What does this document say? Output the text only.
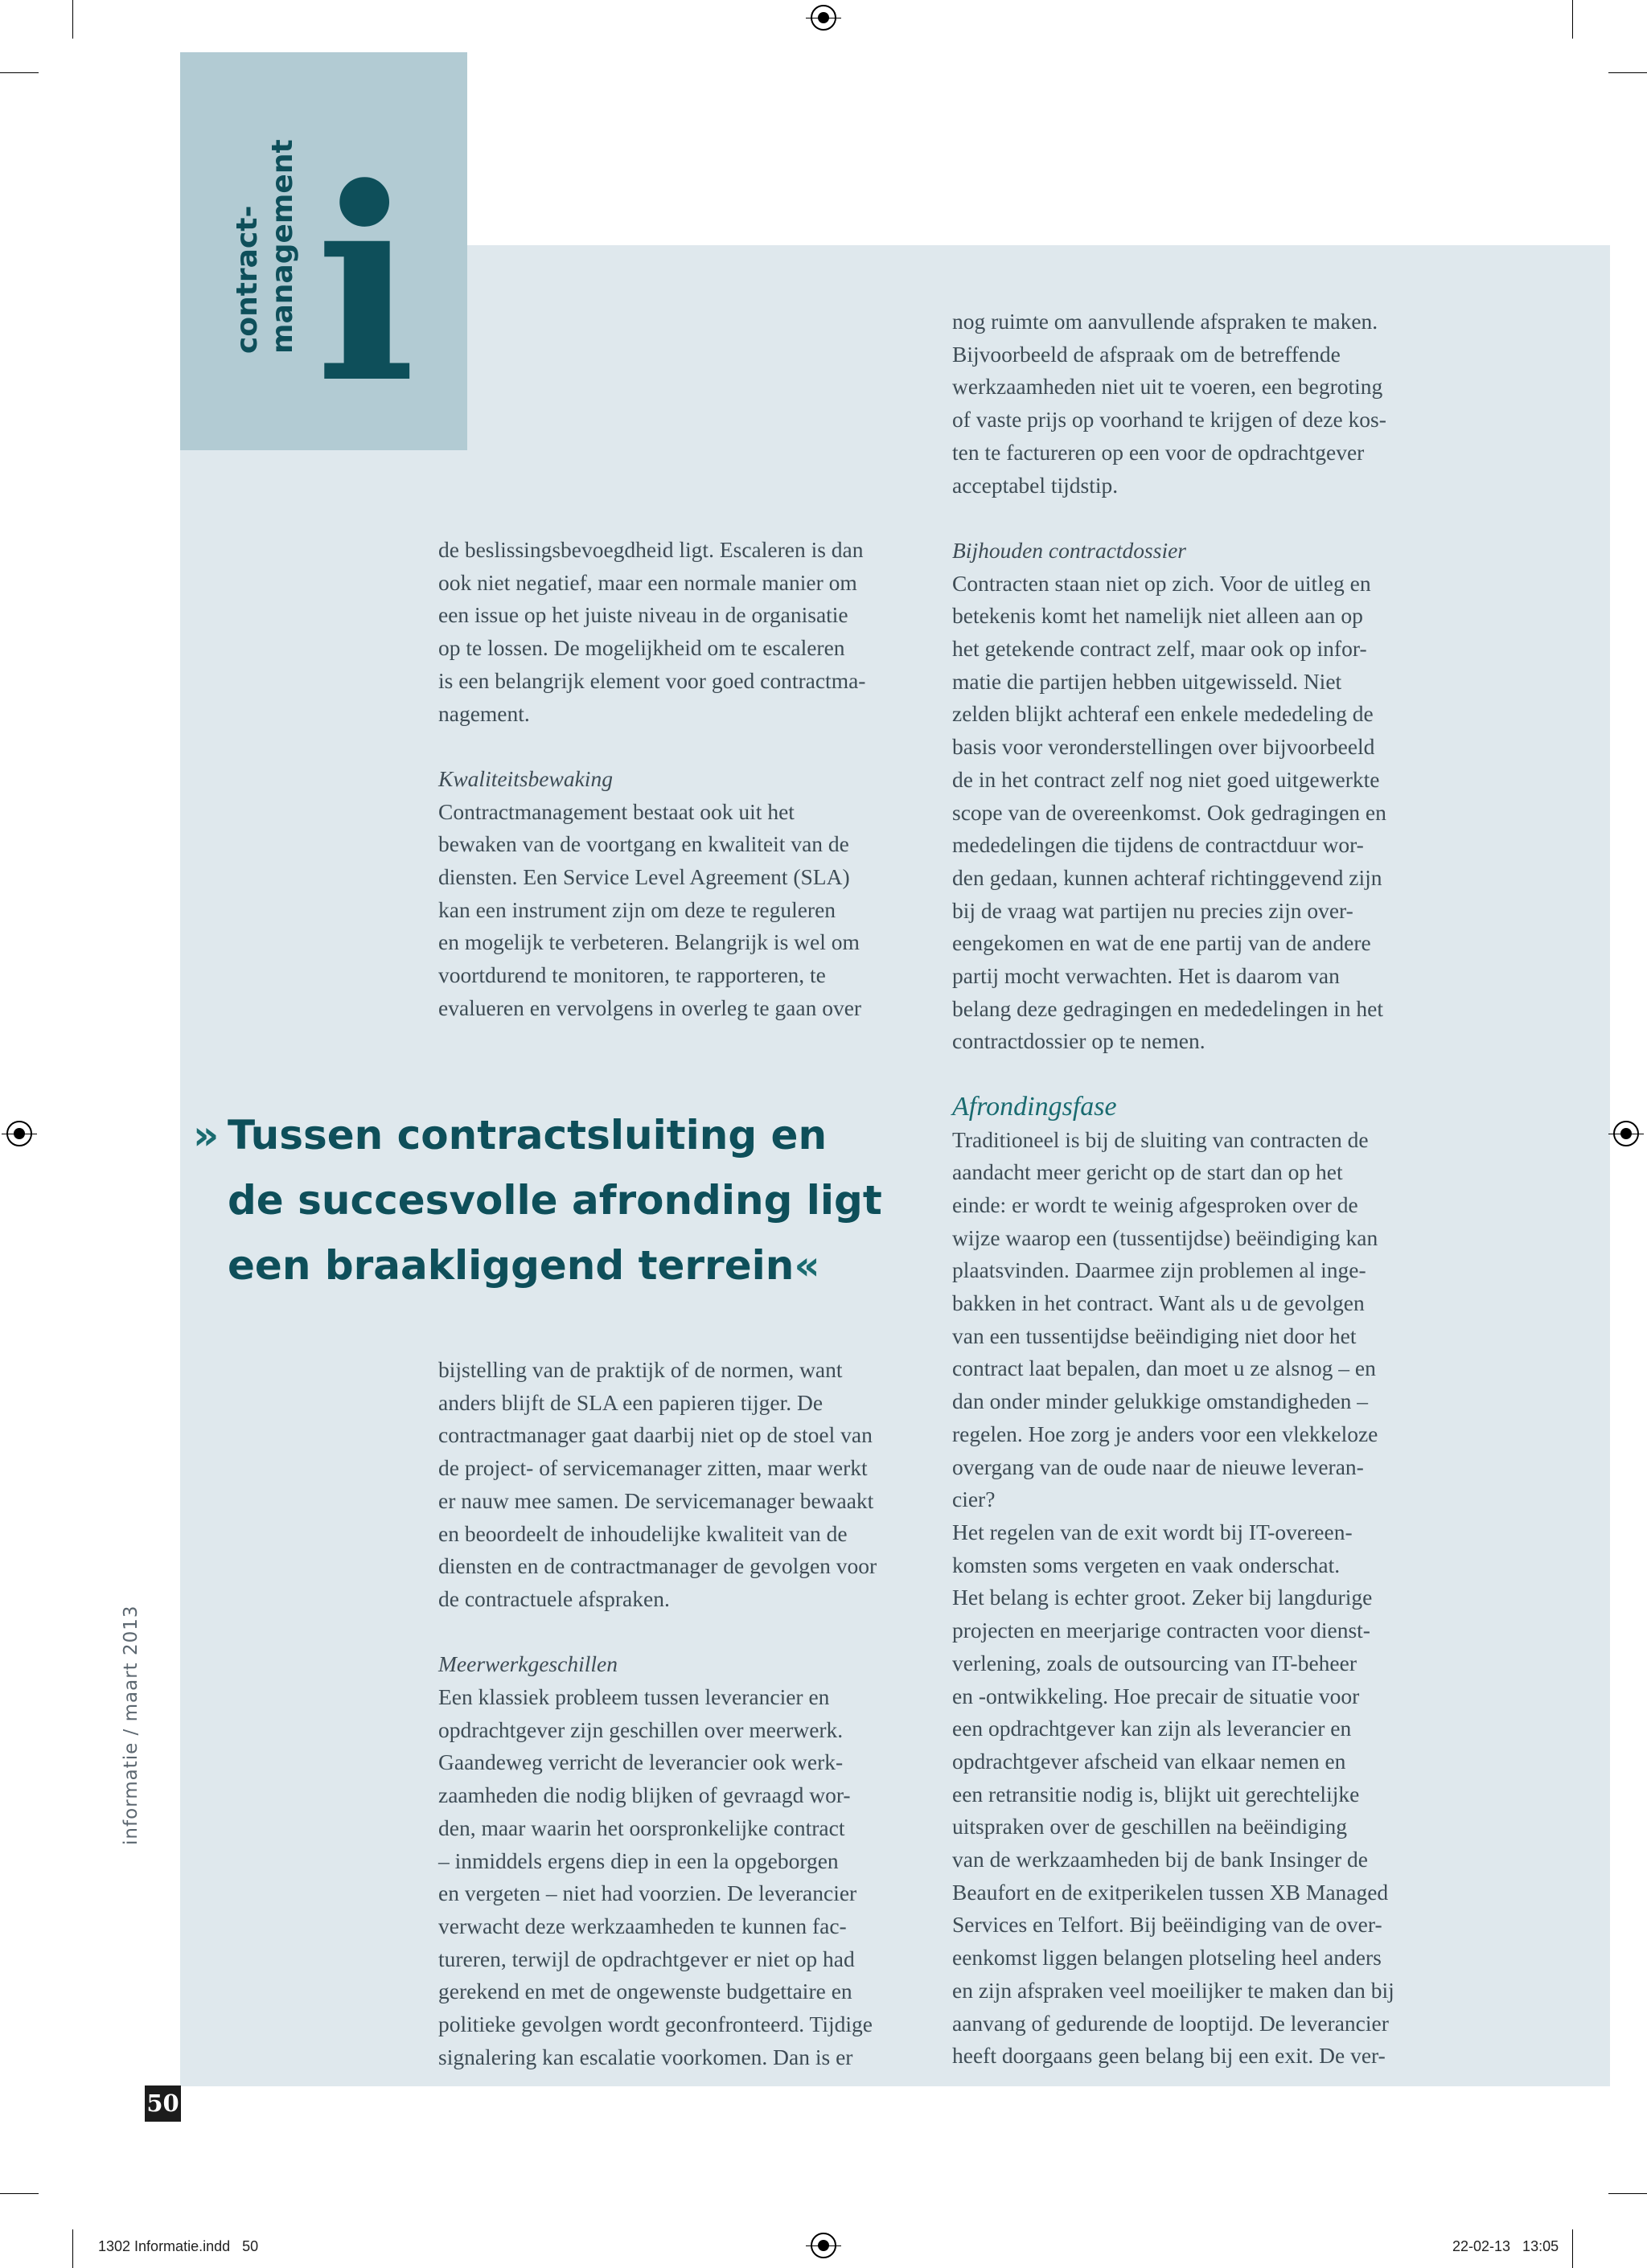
i
contract- management

de beslissingsbevoegdheid ligt. Escaleren is dan

ook niet negatief, maar een normale manier om

een issue op het juiste niveau in de organisatie

op te lossen. De mogelijkheid om te escaleren

is een belangrijk element voor goed contractma-

nagement.

Kwaliteitsbewaking

Contractmanagement bestaat ook uit het

bewaken van de voortgang en kwaliteit van de

diensten. Een Service Level Agreement (SLA)

kan een instrument zijn om deze te reguleren

en mogelijk te verbeteren. Belangrijk is wel om

voortdurend te monitoren, te rapporteren, te

evalueren en vervolgens in overleg te gaan over

» Tussen contractsluiting en
de succesvolle afronding ligt
een braakliggend terrein«

bijstelling van de praktijk of de normen, want

anders blijft de SLA een papieren tijger. De

contractmanager gaat daarbij niet op de stoel van

de project- of servicemanager zitten, maar werkt

er nauw mee samen. De servicemanager bewaakt

en beoordeelt de inhoudelijke kwaliteit van de

diensten en de contractmanager de gevolgen voor

de contractuele afspraken.

Meerwerkgeschillen

Een klassiek probleem tussen leverancier en

opdrachtgever zijn geschillen over meerwerk.

Gaandeweg verricht de leverancier ook werk-

zaamheden die nodig blijken of gevraagd wor-

den, maar waarin het oorspronkelijke contract

– inmiddels ergens diep in een la opgeborgen

en vergeten – niet had voorzien. De leverancier

verwacht deze werkzaamheden te kunnen fac-

tureren, terwijl de opdrachtgever er niet op had

gerekend en met de ongewenste budgettaire en

politieke gevolgen wordt geconfronteerd. Tijdige

signalering kan escalatie voorkomen. Dan is er

nog ruimte om aanvullende afspraken te maken.

Bijvoorbeeld de afspraak om de betreffende

werkzaamheden niet uit te voeren, een begroting

of vaste prijs op voorhand te krijgen of deze kos-

ten te factureren op een voor de opdrachtgever

acceptabel tijdstip.

Bijhouden contractdossier

Contracten staan niet op zich. Voor de uitleg en

betekenis komt het namelijk niet alleen aan op

het getekende contract zelf, maar ook op infor-

matie die partijen hebben uitgewisseld. Niet

zelden blijkt achteraf een enkele mededeling de

basis voor veronderstellingen over bijvoorbeeld

de in het contract zelf nog niet goed uitgewerkte

scope van de overeenkomst. Ook gedragingen en

mededelingen die tijdens de contractduur wor-

den gedaan, kunnen achteraf richtinggevend zijn

bij de vraag wat partijen nu precies zijn over-

eengekomen en wat de ene partij van de andere

partij mocht verwachten. Het is daarom van

belang deze gedragingen en mededelingen in het

contractdossier op te nemen.

Afrondingsfase

Traditioneel is bij de sluiting van contracten de

aandacht meer gericht op de start dan op het

einde: er wordt te weinig afgesproken over de

wijze waarop een (tussentijdse) beëindiging kan

plaatsvinden. Daarmee zijn problemen al inge-

bakken in het contract. Want als u de gevolgen

van een tussentijdse beëindiging niet door het

contract laat bepalen, dan moet u ze alsnog – en

dan onder minder gelukkige omstandigheden –

regelen. Hoe zorg je anders voor een vlekkeloze

overgang van de oude naar de nieuwe leveran-

cier?

Het regelen van de exit wordt bij IT-overeen-

komsten soms vergeten en vaak onderschat.

Het belang is echter groot. Zeker bij langdurige

projecten en meerjarige contracten voor dienst-

verlening, zoals de outsourcing van IT-beheer

en -ontwikkeling. Hoe precair de situatie voor

een opdrachtgever kan zijn als leverancier en

opdrachtgever afscheid van elkaar nemen en

een retransitie nodig is, blijkt uit gerechtelijke

uitspraken over de geschillen na beëindiging

van de werkzaamheden bij de bank Insinger de

Beaufort en de exitperikelen tussen XB Managed

Services en Telfort. Bij beëindiging van de over-

eenkomst liggen belangen plotseling heel anders

en zijn afspraken veel moeilijker te maken dan bij

aanvang of gedurende de looptijd. De leverancier

heeft doorgaans geen belang bij een exit. De ver-

informatie / maart 2013
50
1302 Informatie.indd   50	22-02-13   13:05
